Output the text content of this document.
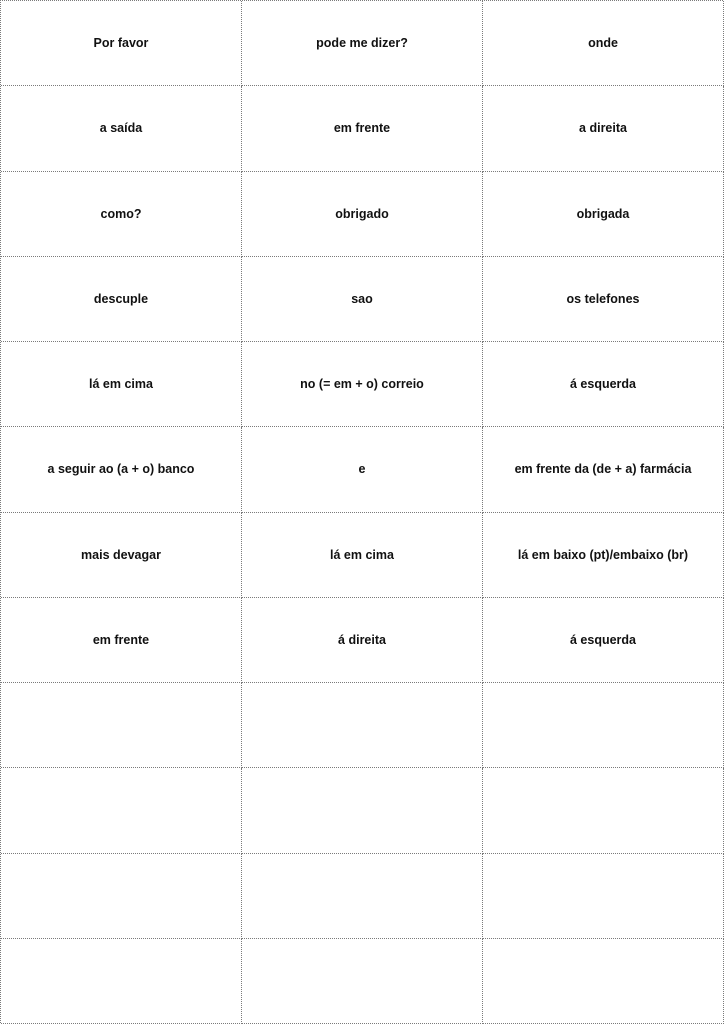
Por favor	pode me dizer?	onde
a saída	em frente	a direita
como?	obrigado	obrigada
descuple	sao	os telefones
lá em cima	no (= em + o) correio	á esquerda
a seguir ao (a + o) banco	e	em frente da (de + a) farmácia
mais devagar	lá em cima	lá em baixo (pt)/embaixo (br)
em frente	á direita	á esquerda
